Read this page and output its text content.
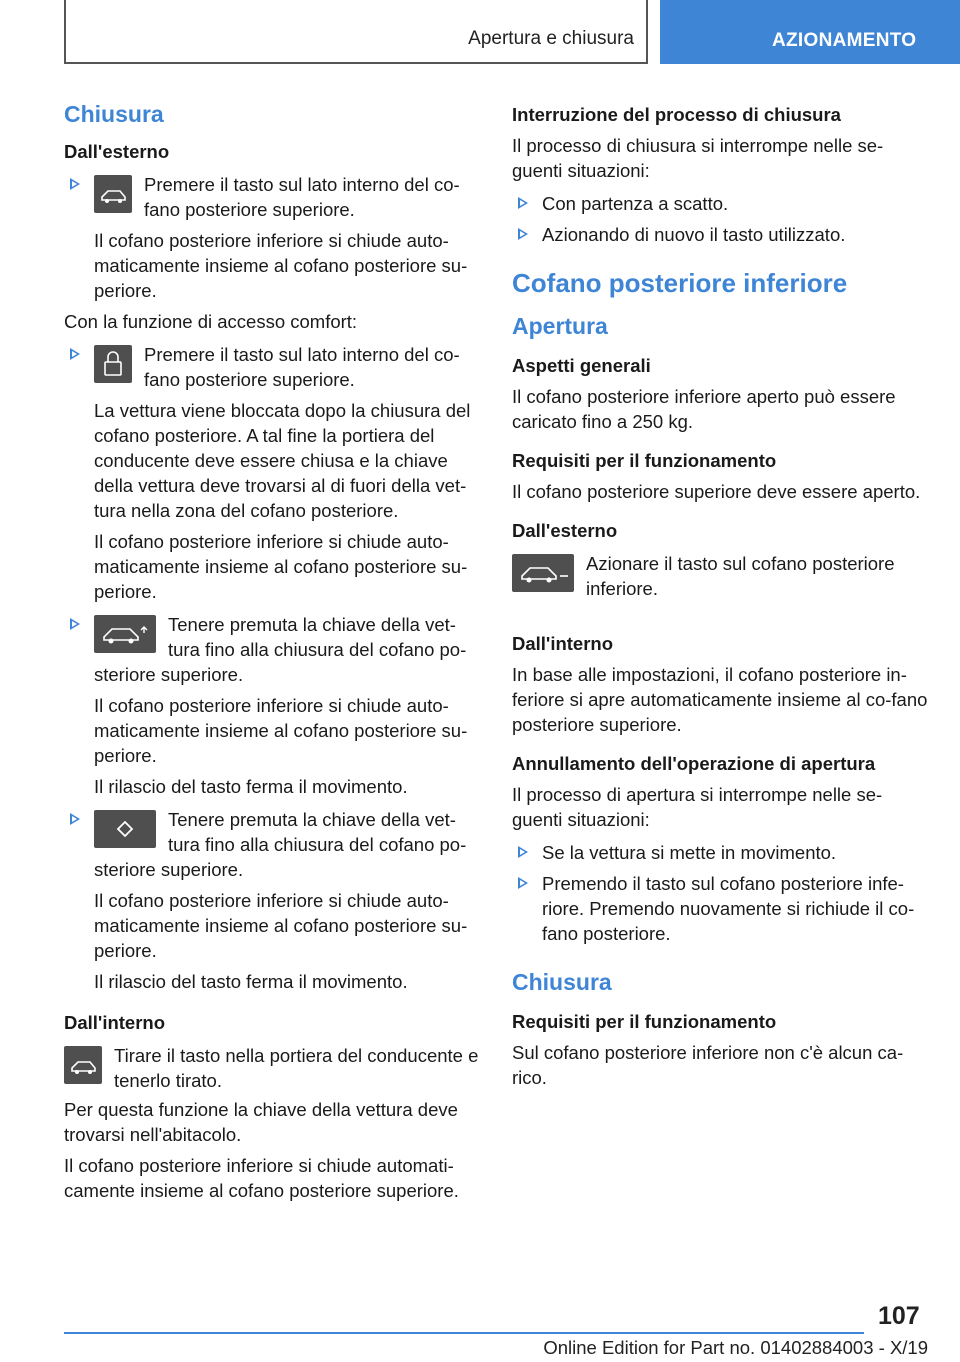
Apertura e chiusura	AZIONAMENTO

Chiusura

Dall'esterno

Premere il tasto sul lato interno del co-fano posteriore superiore.

Il cofano posteriore inferiore si chiude auto-maticamente insieme al cofano posteriore su-periore.

Con la funzione di accesso comfort:

Premere il tasto sul lato interno del co-fano posteriore superiore.

La vettura viene bloccata dopo la chiusura del cofano posteriore. A tal fine la portiera del conducente deve essere chiusa e la chiave della vettura deve trovarsi al di fuori della vet-tura nella zona del cofano posteriore.

Il cofano posteriore inferiore si chiude auto-maticamente insieme al cofano posteriore su-periore.

Tenere premuta la chiave della vet-tura fino alla chiusura del cofano po-steriore superiore.

Il cofano posteriore inferiore si chiude auto-maticamente insieme al cofano posteriore su-periore.

Il rilascio del tasto ferma il movimento.

Tenere premuta la chiave della vet-tura fino alla chiusura del cofano po-steriore superiore.

Il cofano posteriore inferiore si chiude auto-maticamente insieme al cofano posteriore su-periore.

Il rilascio del tasto ferma il movimento.

Dall'interno

Tirare il tasto nella portiera del conducente e tenerlo tirato.

Per questa funzione la chiave della vettura deve trovarsi nell'abitacolo.

Il cofano posteriore inferiore si chiude automati-camente insieme al cofano posteriore superiore.

Interruzione del processo di chiusura

Il processo di chiusura si interrompe nelle se-guenti situazioni:

Con partenza a scatto.
Azionando di nuovo il tasto utilizzato.

Cofano posteriore inferiore

Apertura

Aspetti generali

Il cofano posteriore inferiore aperto può essere caricato fino a 250 kg.

Requisiti per il funzionamento

Il cofano posteriore superiore deve essere aperto.

Dall'esterno

Azionare il tasto sul cofano posteriore inferiore.

Dall'interno

In base alle impostazioni, il cofano posteriore in-feriore si apre automaticamente insieme al co-fano posteriore superiore.

Annullamento dell'operazione di apertura

Il processo di apertura si interrompe nelle se-guenti situazioni:

Se la vettura si mette in movimento.
Premendo il tasto sul cofano posteriore infe-riore. Premendo nuovamente si richiude il co-fano posteriore.

Chiusura

Requisiti per il funzionamento

Sul cofano posteriore inferiore non c'è alcun ca-rico.

107
Online Edition for Part no. 01402884003 - X/19
